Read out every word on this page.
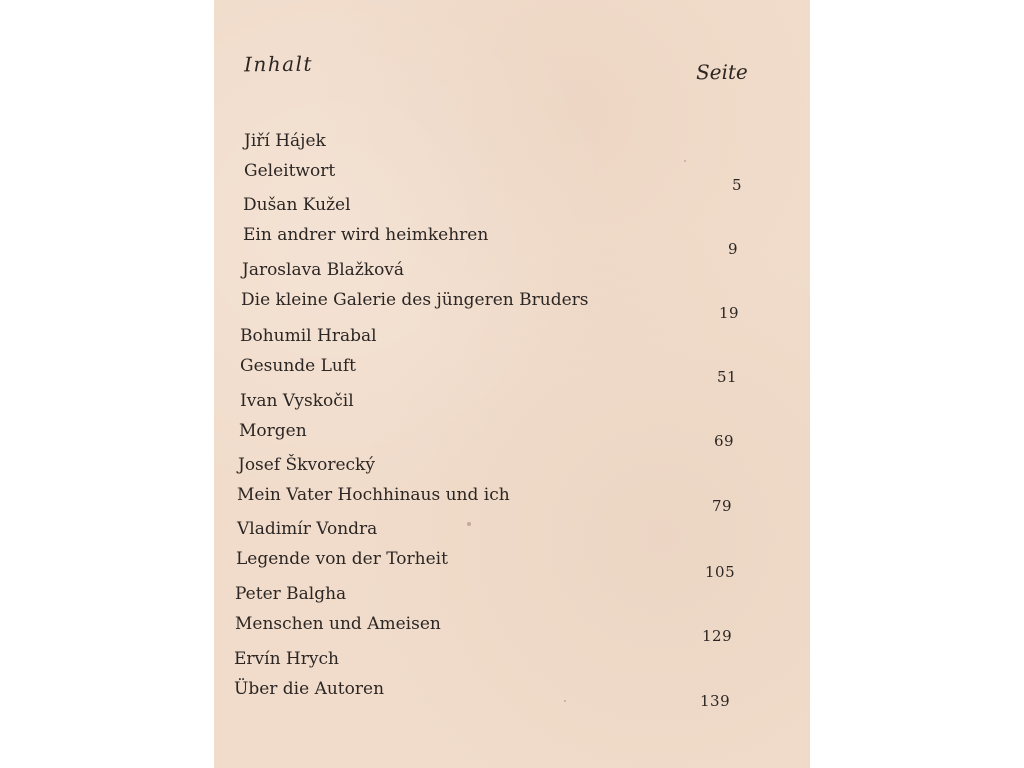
Inhalt	Seite
Jiří Hájek
Geleitwort
5
Dušan Kužel
Ein andrer wird heimkehren
9
Jaroslava Blažková
Die kleine Galerie des jüngeren Bruders
19
Bohumil Hrabal
Gesunde Luft
51
Ivan Vyskočil
Morgen	69
Josef Škvorecký
Mein Vater Hochhinaus und ich
79
Vladimír Vondra
Legende von der Torheit
105
Peter Balgha
Menschen und Ameisen
129
Ervín Hrych
Über die Autoren
139
